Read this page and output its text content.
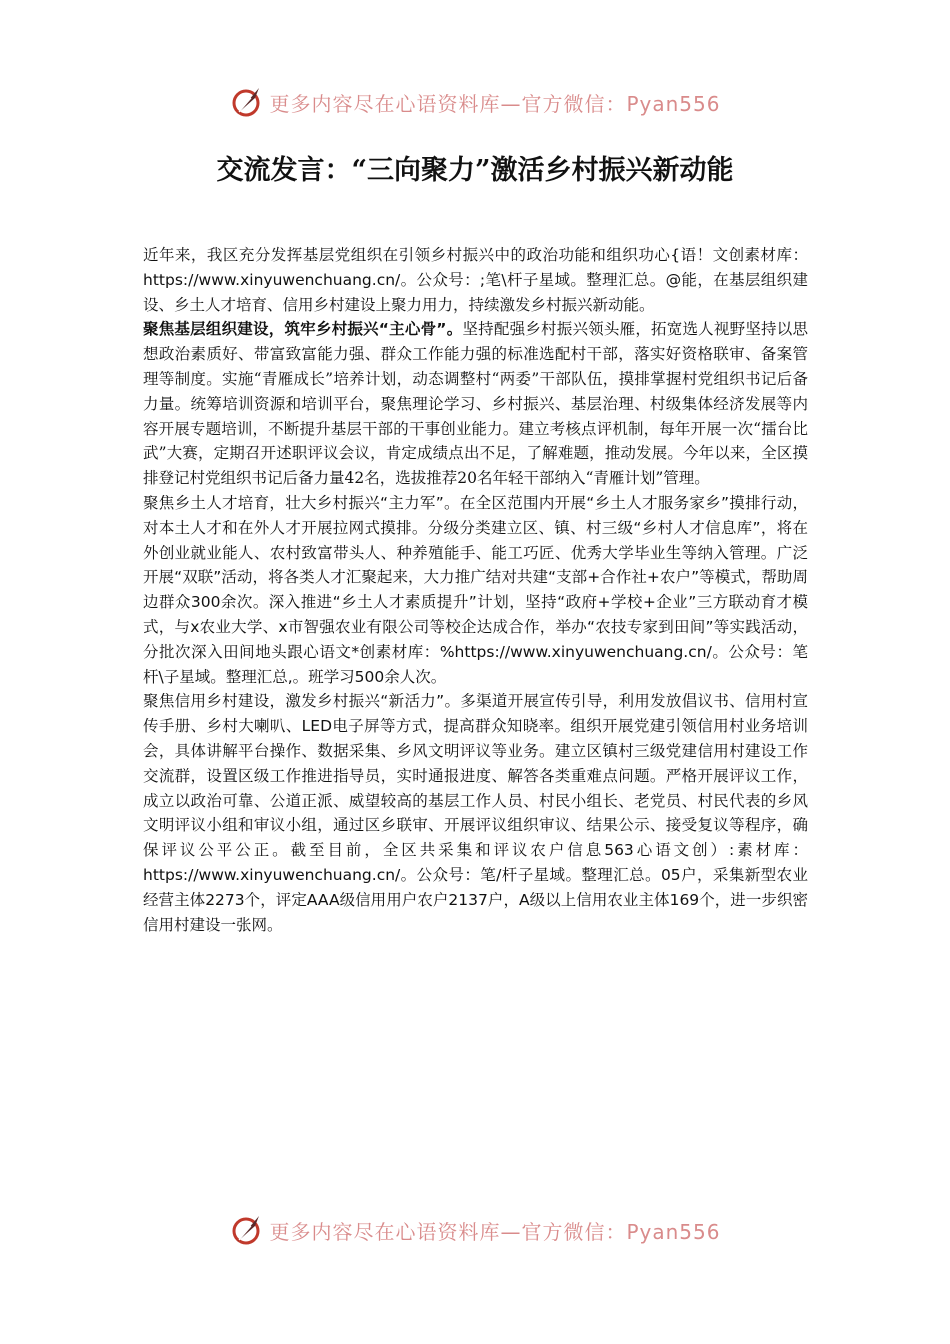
更多内容尽在心语资料库—官方微信：Pyan556
交流发言：“三向聚力”激活乡村振兴新动能

近年来，我区充分发挥基层党组织在引领乡村振兴中的政治功能和组织功心{语！文创素材库：https://www.xinyuwenchuang.cn/。公众号：;笔\杆子星域。整理汇总。@能，在基层组织建设、乡土人才培育、信用乡村建设上聚力用力，持续激发乡村振兴新动能。

聚焦基层组织建设，筑牢乡村振兴“主心骨”。坚持配强乡村振兴领头雁，拓宽选人视野坚持以思想政治素质好、带富致富能力强、群众工作能力强的标准选配村干部，落实好资格联审、备案管理等制度。实施“青雁成长”培养计划，动态调整村“两委”干部队伍，摸排掌握村党组织书记后备力量。统筹培训资源和培训平台，聚焦理论学习、乡村振兴、基层治理、村级集体经济发展等内容开展专题培训，不断提升基层干部的干事创业能力。建立考核点评机制，每年开展一次“擂台比武”大赛，定期召开述职评议会议，肯定成绩点出不足，了解难题，推动发展。今年以来，全区摸排登记村党组织书记后备力量42名，选拔推荐20名年轻干部纳入“青雁计划”管理。

聚焦乡土人才培育，壮大乡村振兴“主力军”。在全区范围内开展“乡土人才服务家乡”摸排行动，对本土人才和在外人才开展拉网式摸排。分级分类建立区、镇、村三级“乡村人才信息库”，将在外创业就业能人、农村致富带头人、种养殖能手、能工巧匠、优秀大学毕业生等纳入管理。广泛开展“双联”活动，将各类人才汇聚起来，大力推广结对共建“支部+合作社+农户”等模式，帮助周边群众300余次。深入推进“乡土人才素质提升”计划，坚持“政府+学校+企业”三方联动育才模式，与x农业大学、x市智强农业有限公司等校企达成合作，举办“农技专家到田间”等实践活动，分批次深入田间地头跟心语文*创素材库：%https://www.xinyuwenchuang.cn/。公众号：笔杆\子星域。整理汇总,。班学习500余人次。

聚焦信用乡村建设，激发乡村振兴“新活力”。多渠道开展宣传引导，利用发放倡议书、信用村宣传手册、乡村大喇叭、LED电子屏等方式，提高群众知晓率。组织开展党建引领信用村业务培训会，具体讲解平台操作、数据采集、乡风文明评议等业务。建立区镇村三级党建信用村建设工作交流群，设置区级工作推进指导员，实时通报进度、解答各类重难点问题。严格开展评议工作，成立以政治可靠、公道正派、威望较高的基层工作人员、村民小组长、老党员、村民代表的乡风文明评议小组和审议小组，通过区乡联审、开展评议组织审议、结果公示、接受复议等程序，确保评议公平公正。截至目前，全区共采集和评议农户信息563心语文创）:素材库：https://www.xinyuwenchuang.cn/。公众号：笔/杆子星域。整理汇总。05户，采集新型农业经营主体2273个，评定AAA级信用用户农户2137户，A级以上信用农业主体169个，进一步织密信用村建设一张网。

更多内容尽在心语资料库—官方微信：Pyan556
